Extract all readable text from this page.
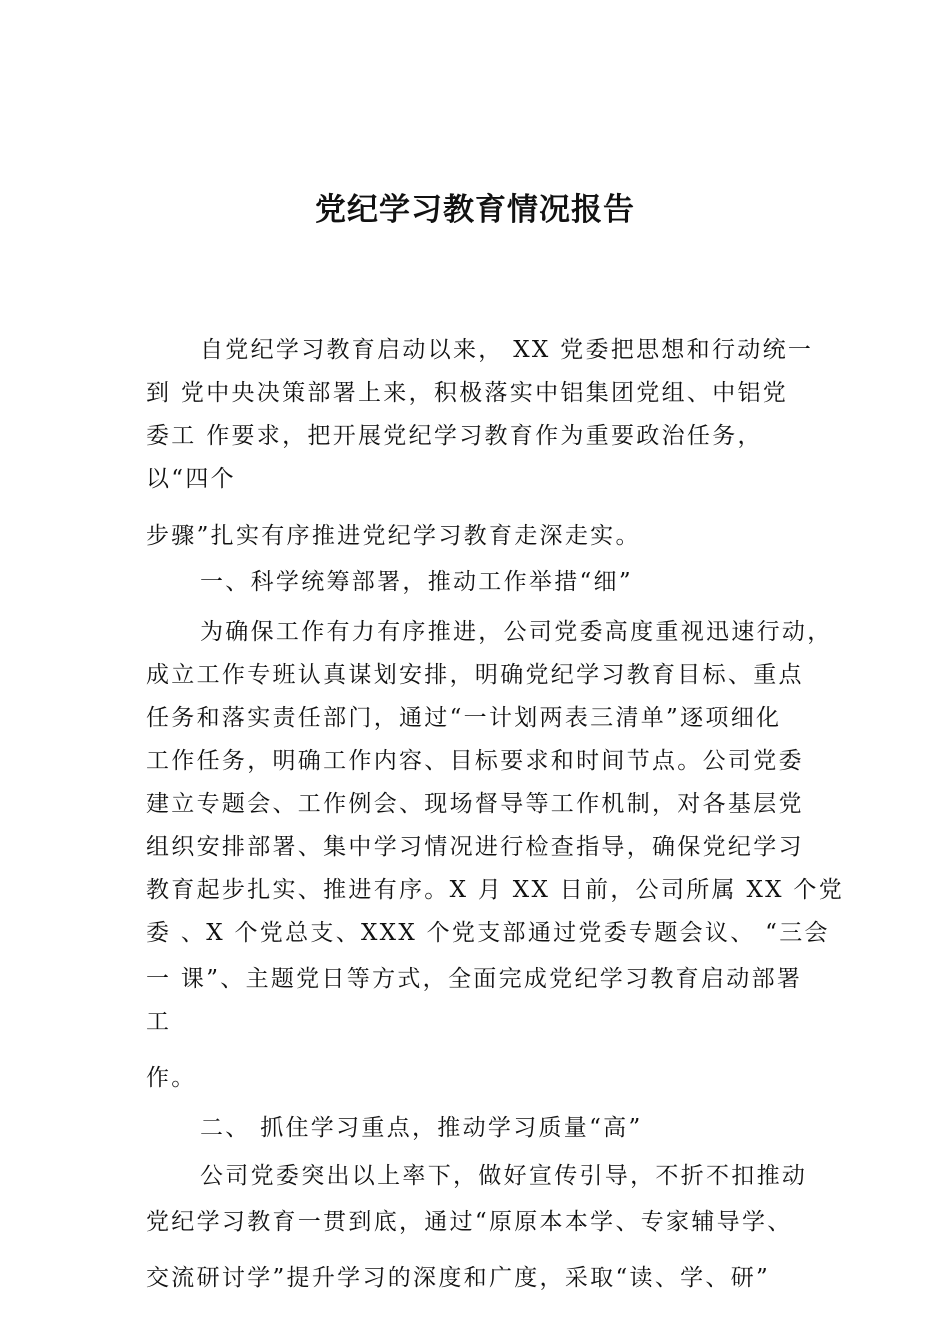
党纪学习教育情况报告
自党纪学习教育启动以来， XX 党委把思想和行动统一
到 党中央决策部署上来，积极落实中铝集团党组、中铝党
委工 作要求，把开展党纪学习教育作为重要政治任务，
以“四个
步骤”扎实有序推进党纪学习教育走深走实。
一、科学统筹部署，推动工作举措“细”
为确保工作有力有序推进，公司党委高度重视迅速行动，
成立工作专班认真谋划安排，明确党纪学习教育目标、重点
任务和落实责任部门，通过“一计划两表三清单”逐项细化
工作任务，明确工作内容、目标要求和时间节点。公司党委
建立专题会、工作例会、现场督导等工作机制，对各基层党
组织安排部署、集中学习情况进行检查指导，确保党纪学习
教育起步扎实、推进有序。X 月 XX 日前，公司所属 XX 个党
委 、X 个党总支、XXX 个党支部通过党委专题会议、 “三会
一 课”、主题党日等方式，全面完成党纪学习教育启动部署
工
作。
二、 抓住学习重点，推动学习质量“高”
公司党委突出以上率下，做好宣传引导，不折不扣推动
党纪学习教育一贯到底，通过“原原本本学、专家辅导学、
交流研讨学”提升学习的深度和广度，采取“读、学、研”
